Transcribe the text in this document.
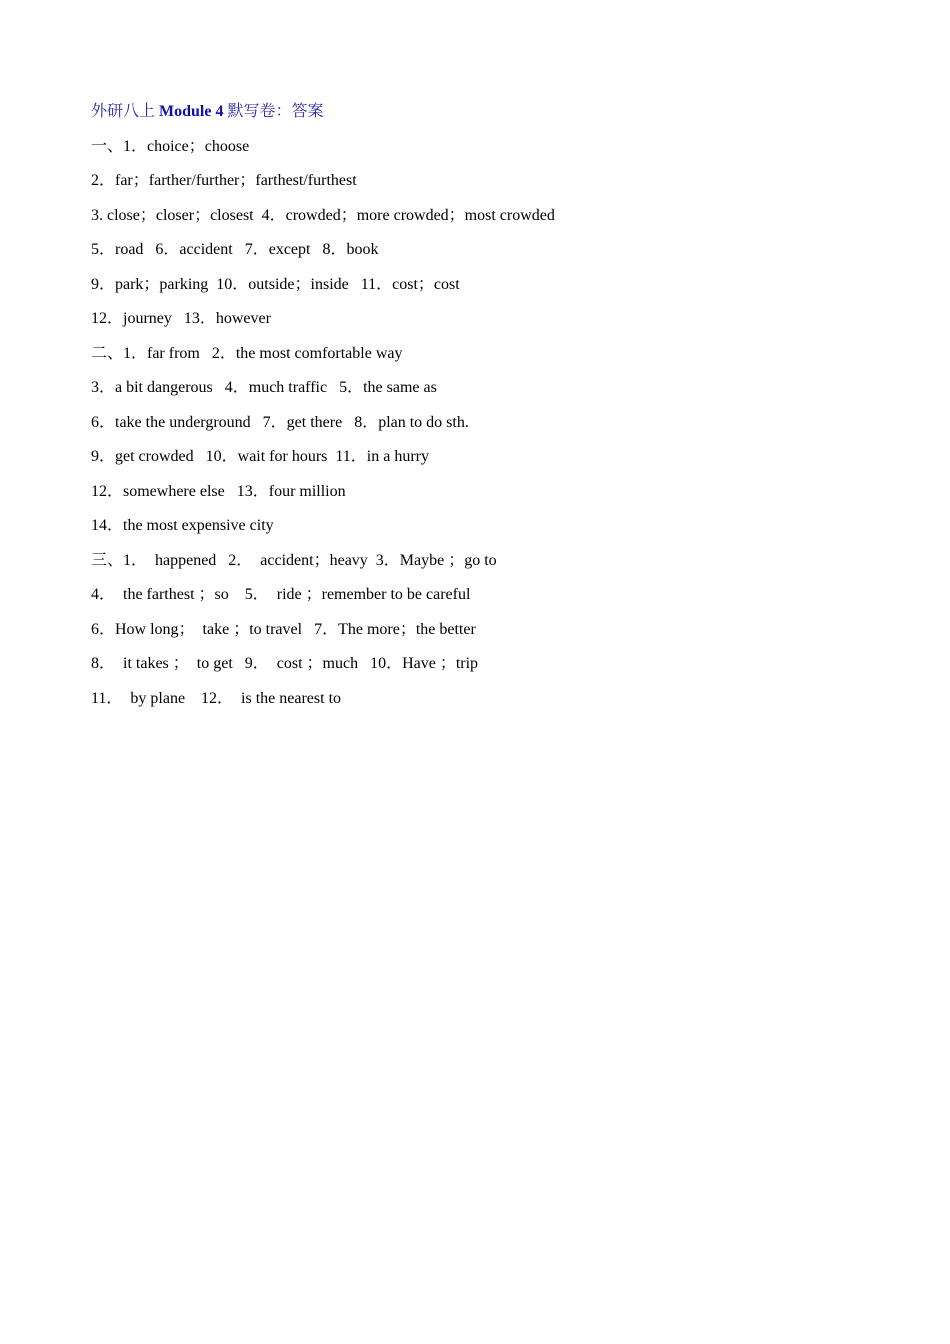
外研八上 Module 4 默写卷：答案
一、1．choice；choose
2．far；farther/further；farthest/furthest
3. close；closer；closest  4．crowded；more crowded；most crowded
5．road   6．accident   7．except   8．book
9．park；parking  10．outside；inside   11．cost；cost
12．journey   13．however
二、1．far from   2．the most comfortable way
3．a bit dangerous   4．much traffic   5．the same as
6．take the underground   7．get there   8．plan to do sth.
9．get crowded   10．wait for hours  11．in a hurry
12．somewhere else   13．four million
14．the most expensive city
三、1．  happened   2．  accident；heavy  3．Maybe ；go to
4．  the farthest ；so    5．  ride ；remember to be careful
6．How long；  take ；to travel   7．The more；the better
8．  it takes ；  to get   9．  cost ；much   10．Have ；trip
11．  by plane    12．  is the nearest to
